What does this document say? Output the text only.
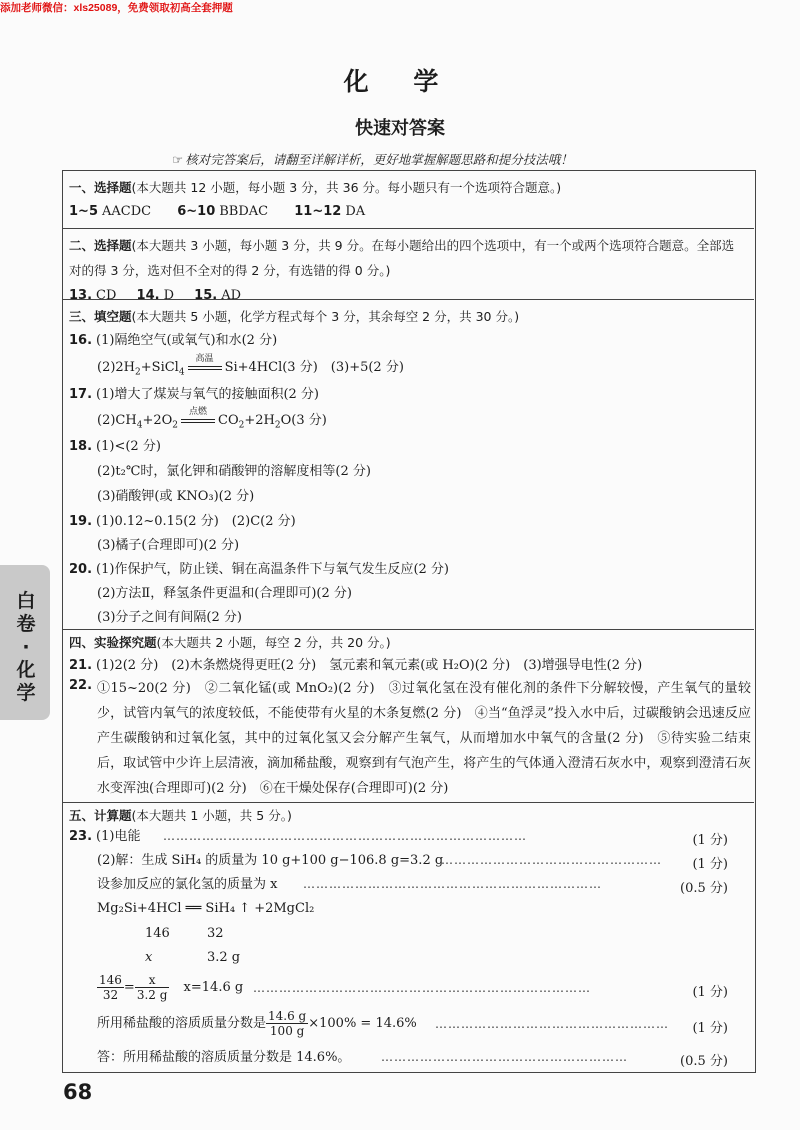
添加老师微信：xls25089，免费领取初高全套押题
化 学
快速对答案
☞ 核对完答案后，请翻至详解详析，更好地掌握解题思路和提分技法哦！
白
卷
·
化
学
一、选择题(本大题共 12 小题，每小题 3 分，共 36 分。每小题只有一个选项符合题意。)
1~5 AACDC 6~10 BBDAC 11~12 DA
二、选择题(本大题共 3 小题，每小题 3 分，共 9 分。在每小题给出的四个选项中，有一个或两个选项符合题意。全部选对的得 3 分，选对但不全对的得 2 分，有选错的得 0 分。)
13. CD 14. D 15. AD
三、填空题(本大题共 5 小题，化学方程式每个 3 分，其余每空 2 分，共 30 分。)
16. (1)隔绝空气(或氧气)和水(2 分)
$(2)2H_2+SiCl_4$
高温
Si+4HCl(3 分)　(3)+5(2 分)
17. (1)增大了煤炭与氧气的接触面积(2 分)
$(2)CH_4+2O_2$
点燃
$CO_2+2H_2O(3$ 分)
18. (1)<(2 分)
(2)t₂℃时，氯化钾和硝酸钾的溶解度相等(2 分)
(3)硝酸钾(或 KNO₃)(2 分)
19. (1)0.12~0.15(2 分)　(2)C(2 分)
(3)橘子(合理即可)(2 分)
20. (1)作保护气，防止镁、铜在高温条件下与氧气发生反应(2 分)
(2)方法Ⅱ，释氢条件更温和(合理即可)(2 分)
(3)分子之间有间隔(2 分)
四、实验探究题(本大题共 2 小题，每空 2 分，共 20 分。)
21. (1)2(2 分)　(2)木条燃烧得更旺(2 分)　氢元素和氧元素(或 H₂O)(2 分)　(3)增强导电性(2 分)
22. ①15~20(2 分)　②二氧化锰(或 MnO₂)(2 分)　③过氧化氢在没有催化剂的条件下分解较慢，产生氧气的量较少，试管内氧气的浓度较低，不能使带有火星的木条复燃(2 分)　④当“鱼浮灵”投入水中后，过碳酸钠会迅速反应产生碳酸钠和过氧化氢，其中的过氧化氢又会分解产生氧气，从而增加水中氧气的含量(2 分)　⑤待实验二结束后，取试管中少许上层清液，滴加稀盐酸，观察到有气泡产生，将产生的气体通入澄清石灰水中，观察到澄清石灰水变浑浊(合理即可)(2 分)　⑥在干燥处保存(合理即可)(2 分)
五、计算题(本大题共 1 小题，共 5 分。)
23. (1)电能 …………………………………………………………………………	(1 分)
(2)解：生成 SiH₄ 的质量为 10 g+100 g−106.8 g=3.2 g
……………………………………………	(1 分)
设参加反应的氯化氢的质量为 x ……………………………………………………………	(0.5 分)
Mg₂Si+4HCl ══ SiH₄ ↑ +2MgCl₂
146	32
x	3.2 g
$\frac{146}{32} = \frac{x}{3.2 g} x=14.6$ g ……………………………………………………………………	(1 分)
所用稀盐酸的溶质质量分数是 $\frac{14.6 g}{100 g} \times 100\% = 14.6\%$ ………………………………………………	(1 分)
答：所用稀盐酸的溶质质量分数是 14.6%。	…………………………………………………	(0.5 分)
68
